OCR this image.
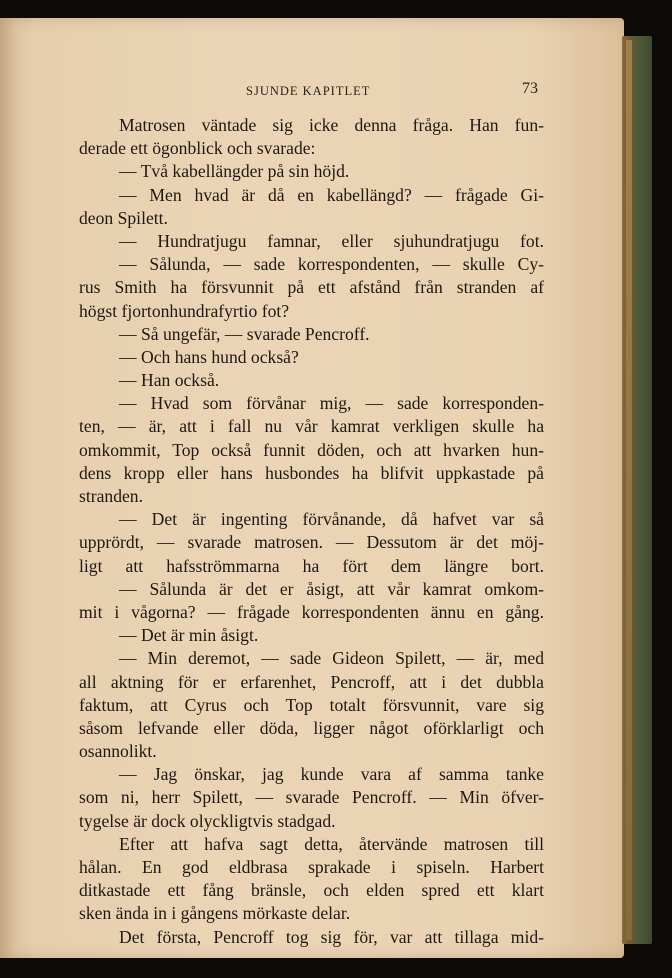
SJUNDE KAPITLET	73
Matrosen väntade sig icke denna fråga. Han fun-
derade ett ögonblick och svarade:
— Två kabellängder på sin höjd.
— Men hvad är då en kabellängd? — frågade Gi-
deon Spilett.
— Hundratjugu famnar, eller sjuhundratjugu fot.
— Sålunda, — sade korrespondenten, — skulle Cy-
rus Smith ha försvunnit på ett afstånd från stranden af
högst fjortonhundrafyrtio fot?
— Så ungefär, — svarade Pencroff.
— Och hans hund också?
— Han också.
— Hvad som förvånar mig, — sade korresponden-
ten, — är, att i fall nu vår kamrat verkligen skulle ha
omkommit, Top också funnit döden, och att hvarken hun-
dens kropp eller hans husbondes ha blifvit uppkastade på
stranden.
— Det är ingenting förvånande, då hafvet var så
upprördt, — svarade matrosen. — Dessutom är det möj-
ligt att hafsströmmarna ha fört dem längre bort.
— Sålunda är det er åsigt, att vår kamrat omkom-
mit i vågorna? — frågade korrespondenten ännu en gång.
— Det är min åsigt.
— Min deremot, — sade Gideon Spilett, — är, med
all aktning för er erfarenhet, Pencroff, att i det dubbla
faktum, att Cyrus och Top totalt försvunnit, vare sig
såsom lefvande eller döda, ligger något oförklarligt och
osannolikt.
— Jag önskar, jag kunde vara af samma tanke
som ni, herr Spilett, — svarade Pencroff. — Min öfver-
tygelse är dock olyckligtvis stadgad.
Efter att hafva sagt detta, återvände matrosen till
hålan. En god eldbrasa sprakade i spiseln. Harbert
ditkastade ett fång bränsle, och elden spred ett klart
sken ända in i gångens mörkaste delar.
Det första, Pencroff tog sig för, var att tillaga mid-
